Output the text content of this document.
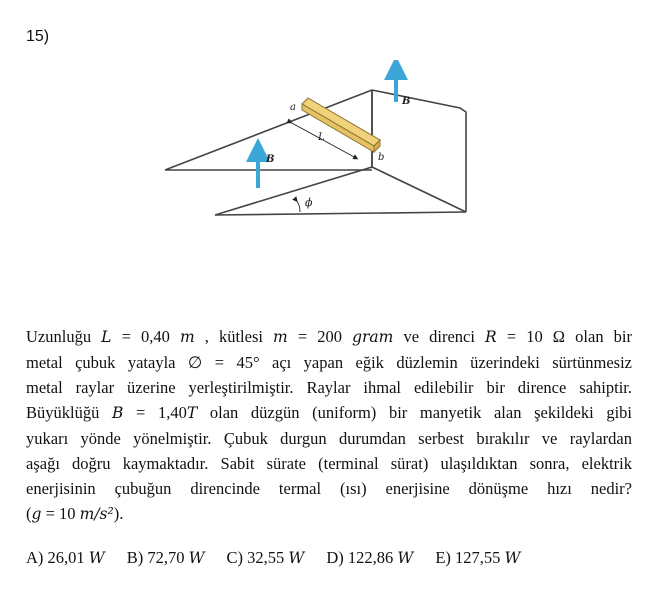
15)
L
a
b
B
B
ϕ
Uzunluğu L = 0,40 m , kütlesi m = 200 gram ve direnci R = 10 Ω olan bir
metal çubuk yatayla ∅ = 45° açı yapan eğik düzlemin üzerindeki sürtünmesiz
metal raylar üzerine yerleştirilmiştir. Raylar ihmal edilebilir bir dirence sahiptir.
Büyüklüğü B = 1,40T olan düzgün (uniform) bir manyetik alan şekildeki gibi
yukarı yönde yönelmiştir. Çubuk durgun durumdan serbest bırakılır ve raylardan
aşağı doğru kaymaktadır. Sabit sürate (terminal sürat) ulaşıldıktan sonra, elektrik
enerjisinin çubuğun direncinde termal (ısı) enerjisine dönüşme hızı nedir?
(g = 10 m/s²).
A) 26,01 W B) 72,70 W C) 32,55 W D) 122,86 W E) 127,55 W
